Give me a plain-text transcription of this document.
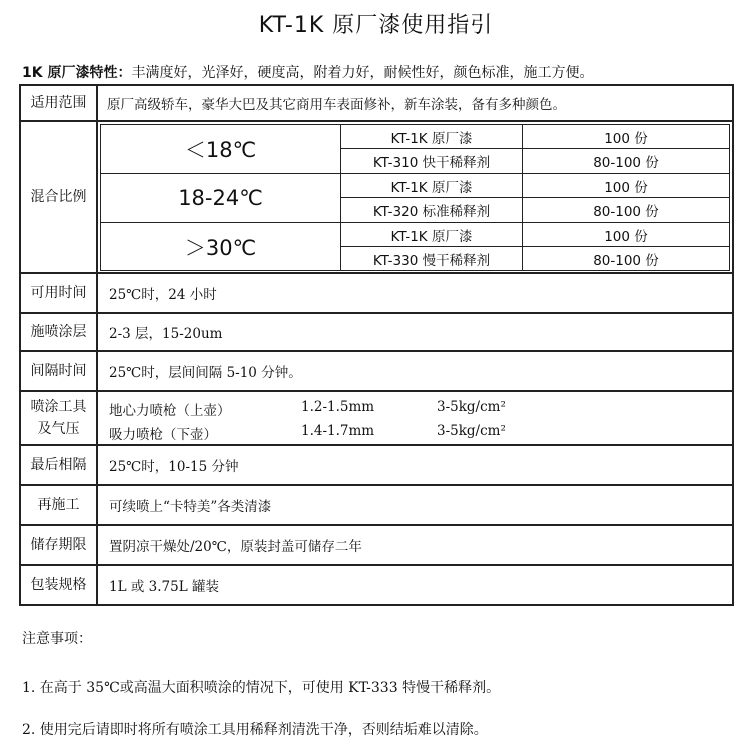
KT-1K 原厂漆使用指引
1K 原厂漆特性：丰满度好，光泽好，硬度高，附着力好，耐候性好，颜色标准，施工方便。
适用范围	原厂高级轿车，豪华大巴及其它商用车表面修补，新车涂装，备有多种颜色。
混合比例
＜18℃	KT-1K 原厂漆	100 份
KT-310 快干稀释剂	80-100 份
18-24℃	KT-1K 原厂漆	100 份
KT-320 标准稀释剂	80-100 份
＞30℃	KT-1K 原厂漆	100 份
KT-330 慢干稀释剂	80-100 份
可用时间	25℃时，24 小时
施喷涂层	2-3 层，15-20um
间隔时间	25℃时，层间间隔 5-10 分钟。
喷涂工具
及气压
地心力喷枪（上壶）	1.2-1.5mm	3-5kg/cm²
吸力喷枪（下壶）	1.4-1.7mm	3-5kg/cm²
最后相隔	25℃时，10-15 分钟
再施工	可续喷上“卡特美”各类清漆
储存期限	置阴凉干燥处/20℃，原装封盖可储存二年
包装规格	1L 或 3.75L 罐装
注意事项：
1. 在高于 35℃或高温大面积喷涂的情况下，可使用 KT-333 特慢干稀释剂。
2. 使用完后请即时将所有喷涂工具用稀释剂清洗干净，否则结垢难以清除。
